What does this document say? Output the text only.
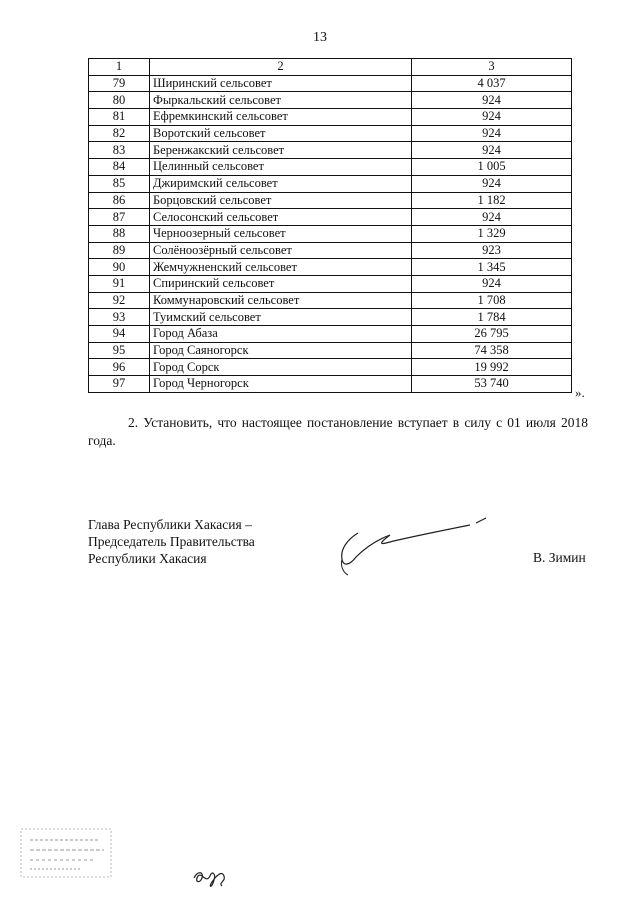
13
1	2	3
79	Ширинский сельсовет	4 037
80	Фыркальский сельсовет	924
81	Ефремкинский сельсовет	924
82	Воротский сельсовет	924
83	Беренжакский сельсовет	924
84	Целинный сельсовет	1 005
85	Джиримский сельсовет	924
86	Борцовский сельсовет	1 182
87	Селосонский сельсовет	924
88	Черноозерный сельсовет	1 329
89	Солёноозёрный сельсовет	923
90	Жемчужненский сельсовет	1 345
91	Спиринский сельсовет	924
92	Коммунаровский сельсовет	1 708
93	Туимский сельсовет	1 784
94	Город Абаза	26 795
95	Город Саяногорск	74 358
96	Город Сорск	19 992
97	Город Черногорск	53 740
».

2. Установить, что настоящее постановление вступает в силу с 01 июля 2018 года.

Глава Республики Хакасия –
Председатель Правительства
Республики Хакасия	В. Зимин
